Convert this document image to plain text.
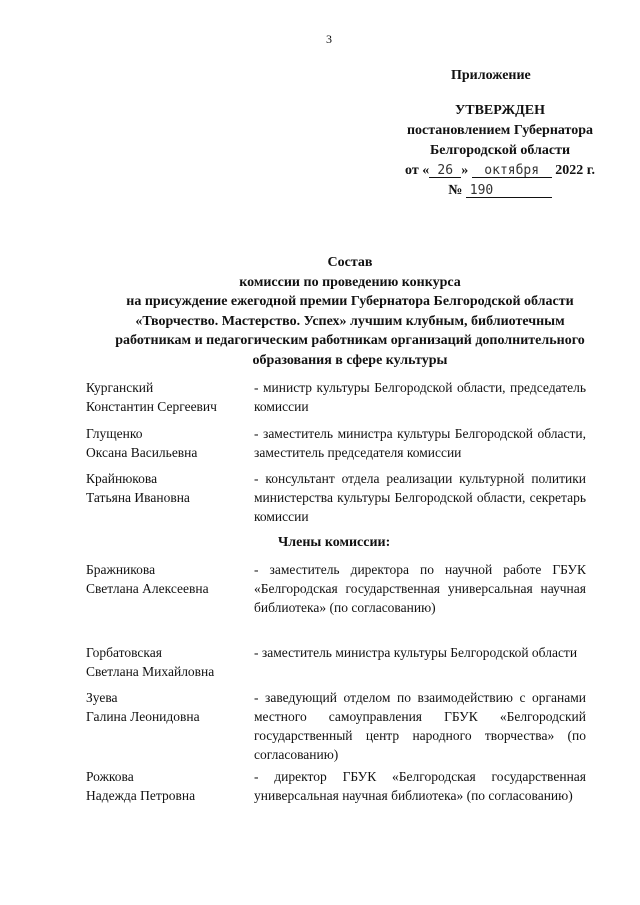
3
Приложение
УТВЕРЖДЕН
постановлением Губернатора
Белгородской области
от « 26 » октября 2022 г.
№ 190
Состав
комиссии по проведению конкурса
на присуждение ежегодной премии Губернатора Белгородской области
«Творчество. Мастерство. Успех» лучшим клубным, библиотечным
работникам и педагогическим работникам организаций дополнительного
образования в сфере культуры
Курганский
Константин Сергеевич
- министр культуры Белгородской области, председатель комиссии
Глущенко
Оксана Васильевна
- заместитель министра культуры Белгородской области, заместитель председателя комиссии
Крайнюкова
Татьяна Ивановна
- консультант отдела реализации культурной политики министерства культуры Белгородской области, секретарь комиссии
Члены комиссии:
Бражникова
Светлана Алексеевна
- заместитель директора по научной работе ГБУК «Белгородская государственная универсальная научная библиотека» (по согласованию)
Горбатовская
Светлана Михайловна
- заместитель министра культуры Белгородской области
Зуева
Галина Леонидовна
- заведующий отделом по взаимодействию с органами местного самоуправления ГБУК «Белгородский государственный центр народного творчества» (по согласованию)
Рожкова
Надежда Петровна
- директор ГБУК «Белгородская государственная универсальная научная библиотека» (по согласованию)
